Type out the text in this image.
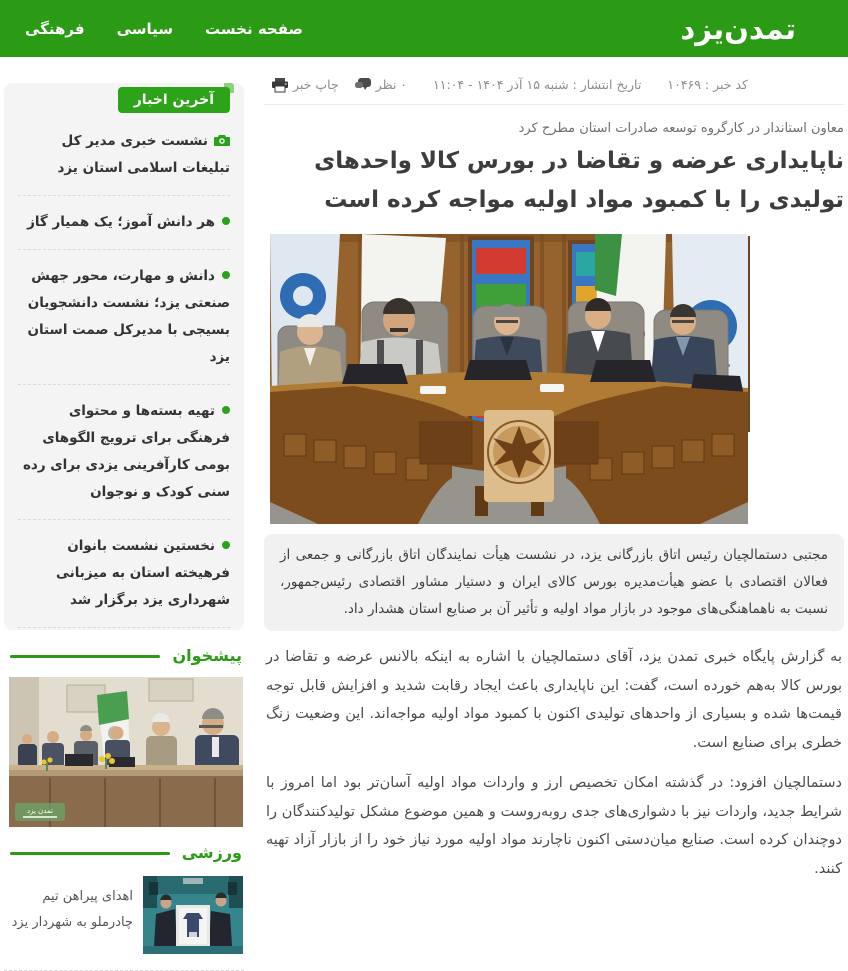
تمدن‌یزد
صفحه نخست
سیاسی
فرهنگی
آخرین اخبار
نشست خبری مدیر کل تبلیغات اسلامی استان یزد
هر دانش آموز؛ یک همیار گاز
دانش و مهارت، محور جهش صنعتی یزد؛ نشست دانشجویان بسیجی با مدیرکل صمت استان یزد
تهیه بسته‌ها و محتوای فرهنگی برای ترویج الگوهای بومی کارآفرینی یزدی برای رده سنی کودک و نوجوان
نخستین نشست بانوان فرهیخته استان به میزبانی شهرداری یزد برگزار شد
پیشخوان
تمدن یزد
ورزشی
اهدای پیراهن تیم چادرملو به شهردار یزد
کد خبر : ۱۰۴۶۹
تاریخ انتشار : شنبه ۱۵ آذر ۱۴۰۴ - ۱۱:۰۴
۰ نظر
چاپ خبر
معاون استاندار در کارگروه توسعه صادرات استان مطرح کرد
ناپایداری عرضه و تقاضا در بورس کالا واحدهای تولیدی را با کمبود مواد اولیه مواجه کرده است
مجتبی دستمالچیان رئیس اتاق بازرگانی یزد، در نشست هیأت نمایندگان اتاق بازرگانی و جمعی از فعالان اقتصادی با عضو هیأت‌مدیره بورس کالای ایران و دستیار مشاور اقتصادی رئیس‌جمهور، نسبت به ناهماهنگی‌های موجود در بازار مواد اولیه و تأثیر آن بر صنایع استان هشدار داد.

به گزارش پایگاه خبری تمدن یزد، آقای دستمالچیان با اشاره به اینکه بالانس عرضه و تقاضا در بورس کالا به‌هم خورده است، گفت: این ناپایداری باعث ایجاد رقابت شدید و افزایش قابل توجه قیمت‌ها شده و بسیاری از واحدهای تولیدی اکنون با کمبود مواد اولیه مواجه‌اند. این وضعیت زنگ خطری برای صنایع است.

دستمالچیان افزود: در گذشته امکان تخصیص ارز و واردات مواد اولیه آسان‌تر بود اما امروز با شرایط جدید، واردات نیز با دشواری‌های جدی روبه‌روست و همین موضوع مشکل تولیدکنندگان را دوچندان کرده است. صنایع میان‌دستی اکنون ناچارند مواد اولیه مورد نیاز خود را از بازار آزاد تهیه کنند.
